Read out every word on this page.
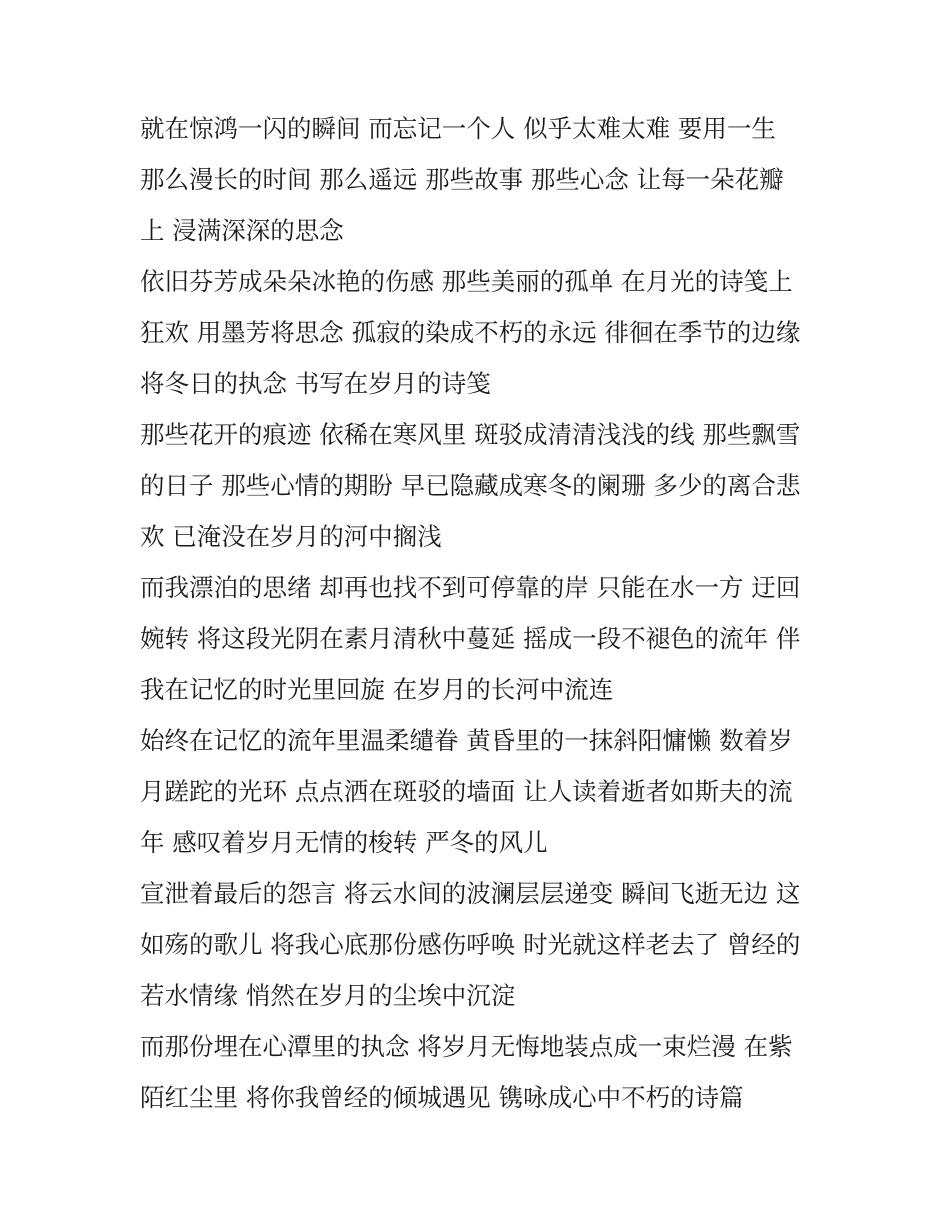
就在惊鸿一闪的瞬间 而忘记一个人 似乎太难太难 要用一生
那么漫长的时间 那么遥远 那些故事 那些心念 让每一朵花瓣
上 浸满深深的思念
依旧芬芳成朵朵冰艳的伤感 那些美丽的孤单 在月光的诗笺上
狂欢 用墨芳将思念 孤寂的染成不朽的永远 徘徊在季节的边缘
将冬日的执念 书写在岁月的诗笺
那些花开的痕迹 依稀在寒风里 斑驳成清清浅浅的线 那些飘雪
的日子 那些心情的期盼 早已隐藏成寒冬的阑珊 多少的离合悲
欢 已淹没在岁月的河中搁浅
而我漂泊的思绪 却再也找不到可停靠的岸 只能在水一方 迂回
婉转 将这段光阴在素月清秋中蔓延 摇成一段不褪色的流年 伴
我在记忆的时光里回旋 在岁月的长河中流连
始终在记忆的流年里温柔缱眷 黄昏里的一抹斜阳慵懒 数着岁
月蹉跎的光环 点点洒在斑驳的墙面 让人读着逝者如斯夫的流
年 感叹着岁月无情的梭转 严冬的风儿
宣泄着最后的怨言 将云水间的波澜层层递变 瞬间飞逝无边 这
如殇的歌儿 将我心底那份感伤呼唤 时光就这样老去了 曾经的
若水情缘 悄然在岁月的尘埃中沉淀
而那份埋在心潭里的执念 将岁月无悔地装点成一束烂漫 在紫
陌红尘里 将你我曾经的倾城遇见 镌咏成心中不朽的诗篇
